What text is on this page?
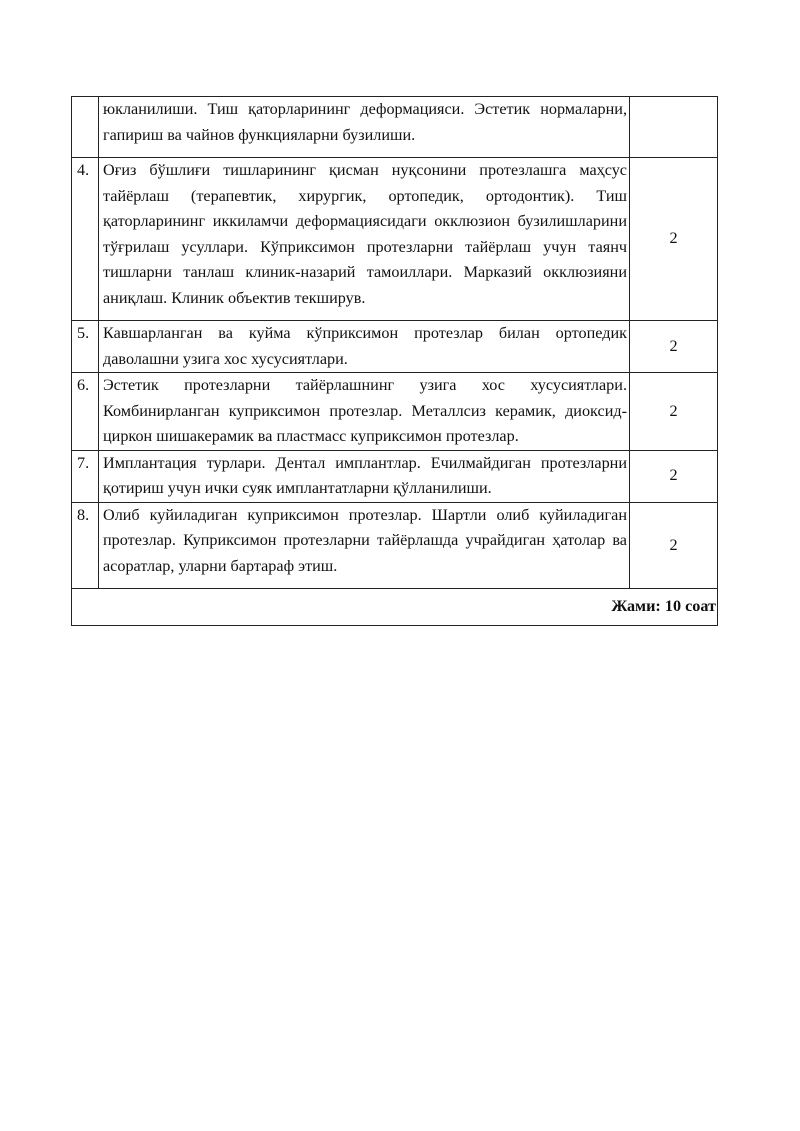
	юкланилиши. Тиш қаторларининг деформацияси. Эстетик нормаларни, гапириш ва чайнов функцияларни бузилиши.	
4.	Оғиз бўшлиғи тишларининг қисман нуқсонини протезлашга маҳсус тайёрлаш (терапевтик, хирургик, ортопедик, ортодонтик). Тиш қаторларининг иккиламчи деформациясидаги окклюзион бузилишларини тўғрилаш усуллари. Кўприксимон протезларни тайёрлаш учун таянч тишларни танлаш клиник-назарий тамоиллари. Марказий окклюзияни аниқлаш. Клиник объектив текширув.	2
5.	Кавшарланган ва куйма кўприксимон протезлар билан ортопедик даволашни узига хос хусусиятлари.	2
6.	Эстетик протезларни тайёрлашнинг узига хос хусусиятлари. Комбинирланган куприксимон протезлар. Металлсиз керамик, диоксид-циркон шишакерамик ва пластмасс куприксимон протезлар.	2
7.	Имплантация турлари. Дентал имплантлар. Ечилмайдиган протезларни қотириш учун ички суяк имплантатларни қўлланилиши.	2
8.	Олиб куйиладиган куприксимон протезлар. Шартли олиб куйиладиган протезлар. Куприксимон протезларни тайёрлашда учрайдиган ҳатолар ва асоратлар, уларни бартараф этиш.	2
Жами: 10 соат		
